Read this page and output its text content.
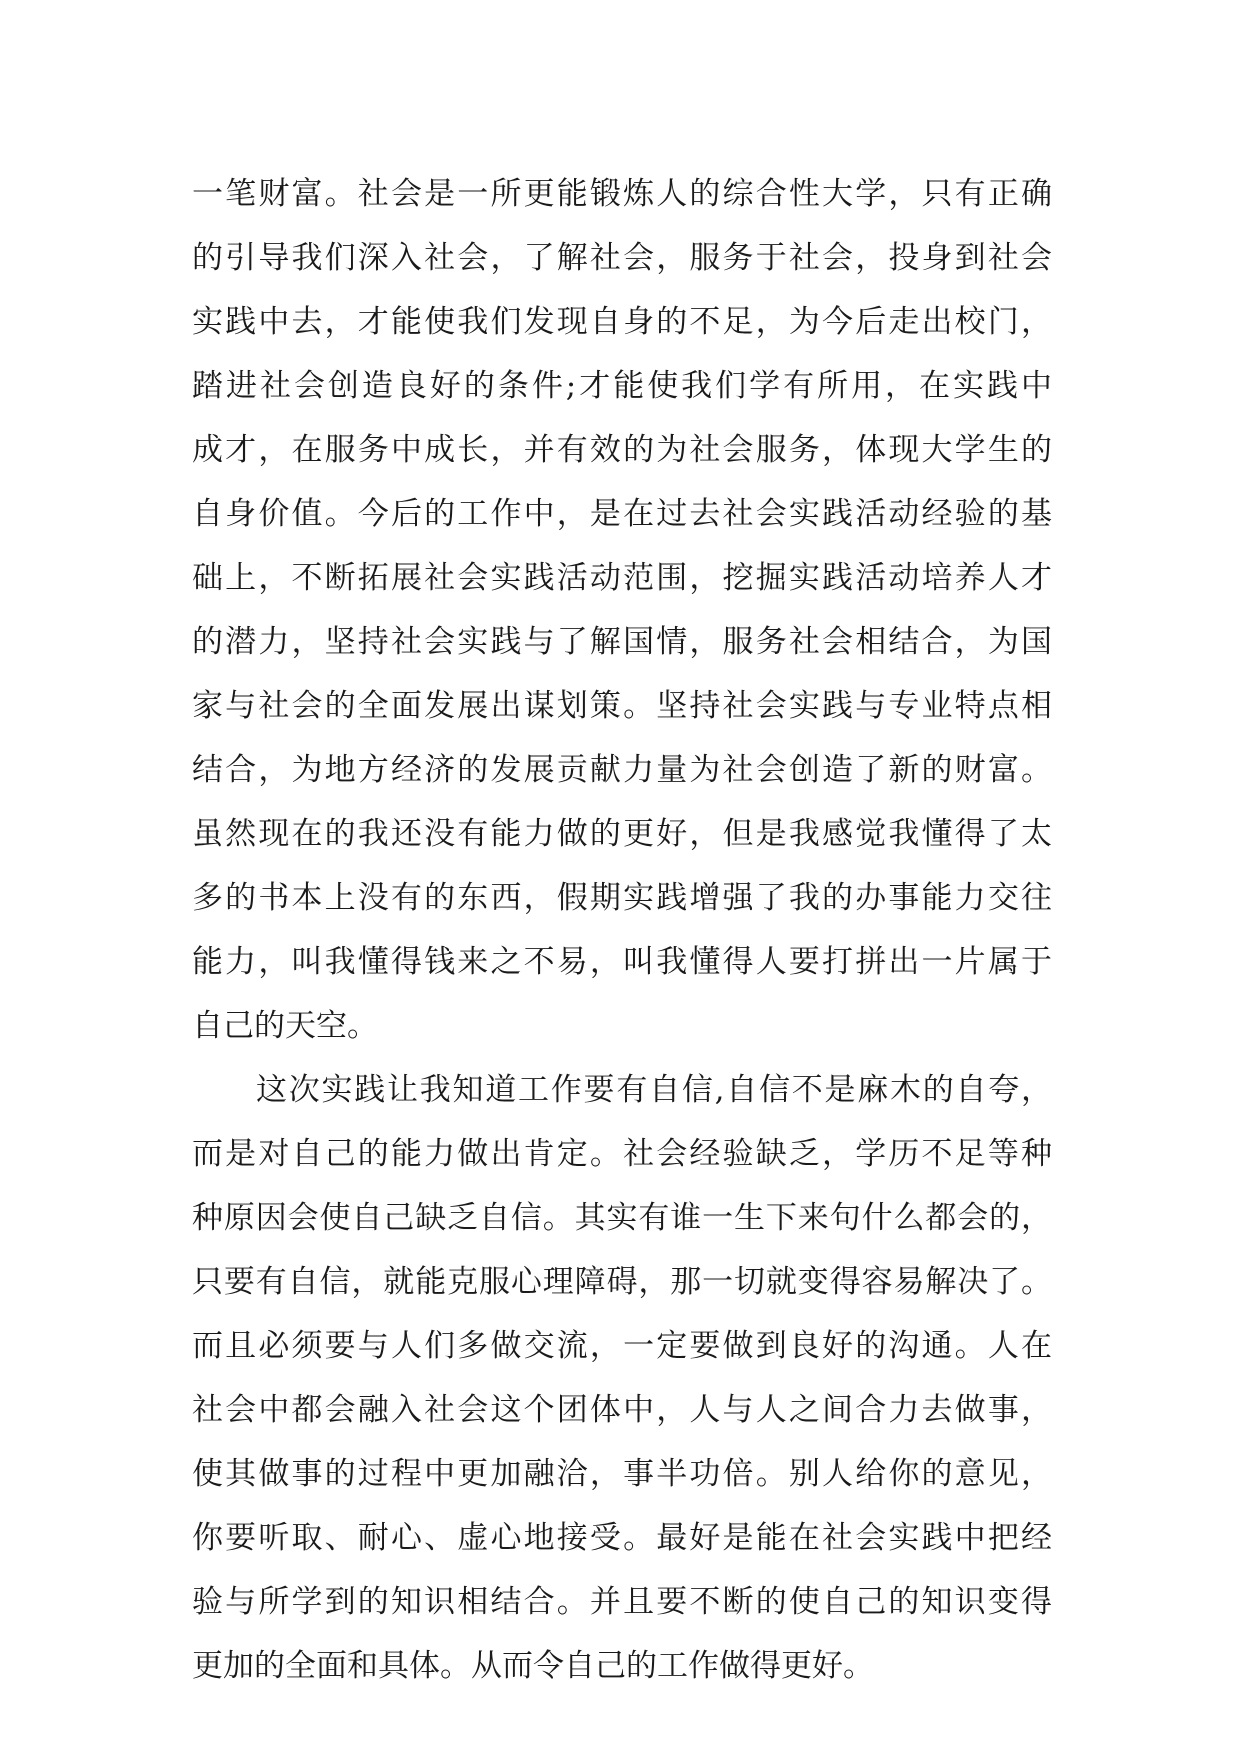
一笔财富。社会是一所更能锻炼人的综合性大学，只有正确
的引导我们深入社会，了解社会，服务于社会，投身到社会
实践中去，才能使我们发现自身的不足，为今后走出校门，
踏进社会创造良好的条件;才能使我们学有所用，在实践中
成才，在服务中成长，并有效的为社会服务，体现大学生的
自身价值。今后的工作中，是在过去社会实践活动经验的基
础上，不断拓展社会实践活动范围，挖掘实践活动培养人才
的潜力，坚持社会实践与了解国情，服务社会相结合，为国
家与社会的全面发展出谋划策。坚持社会实践与专业特点相
结合，为地方经济的发展贡献力量为社会创造了新的财富。
虽然现在的我还没有能力做的更好，但是我感觉我懂得了太
多的书本上没有的东西，假期实践增强了我的办事能力交往
能力，叫我懂得钱来之不易，叫我懂得人要打拼出一片属于
自己的天空。
这次实践让我知道工作要有自信,自信不是麻木的自夸，
而是对自己的能力做出肯定。社会经验缺乏，学历不足等种
种原因会使自己缺乏自信。其实有谁一生下来句什么都会的，
只要有自信，就能克服心理障碍，那一切就变得容易解决了。
而且必须要与人们多做交流，一定要做到良好的沟通。人在
社会中都会融入社会这个团体中，人与人之间合力去做事，
使其做事的过程中更加融洽，事半功倍。别人给你的意见，
你要听取、耐心、虚心地接受。最好是能在社会实践中把经
验与所学到的知识相结合。并且要不断的使自己的知识变得
更加的全面和具体。从而令自己的工作做得更好。
